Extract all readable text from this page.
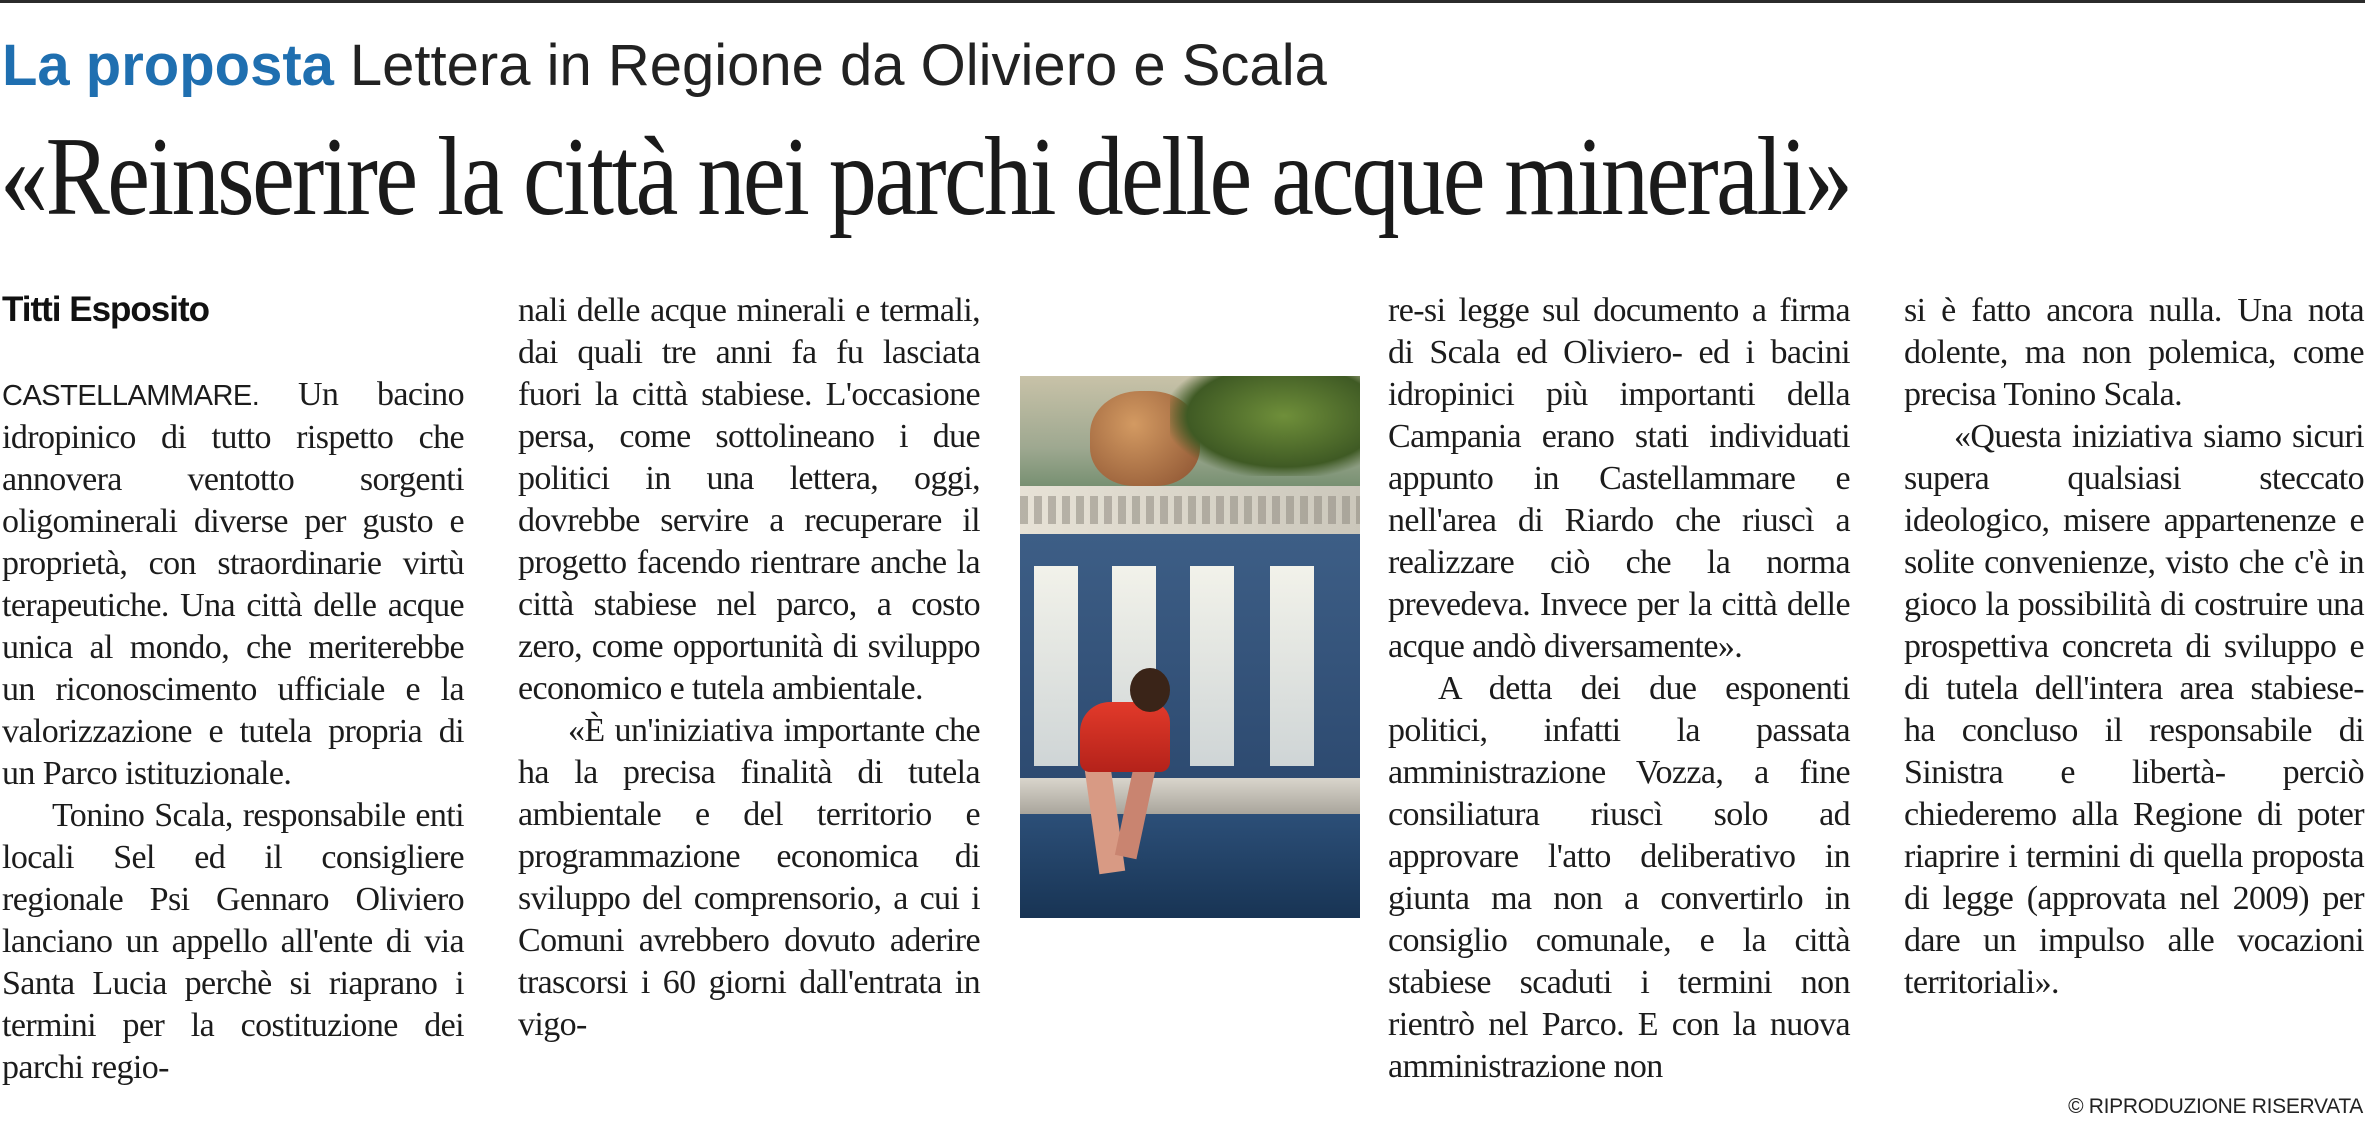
La proposta Lettera in Regione da Oliviero e Scala
«Reinserire la città nei parchi delle acque minerali»
Titti Esposito

CASTELLAMMARE. Un bacino idropinico di tutto rispetto che annovera ventotto sorgenti oligominerali diverse per gusto e proprietà, con straordinarie virtù terapeutiche. Una città delle acque unica al mondo, che meriterebbe un riconoscimento ufficiale e la valorizzazione e tutela propria di un Parco istituzionale.

Tonino Scala, responsabile enti locali Sel ed il consigliere regionale Psi Gennaro Oliviero lanciano un appello all'ente di via Santa Lucia perchè si riaprano i termini per la costituzione dei parchi regio-

nali delle acque minerali e termali, dai quali tre anni fa fu lasciata fuori la città stabiese. L'occasione persa, come sottolineano i due politici in una lettera, oggi, dovrebbe servire a recuperare il progetto facendo rientrare anche la città stabiese nel parco, a costo zero, come opportunità di sviluppo economico e tutela ambientale.

«È un'iniziativa importante che ha la precisa finalità di tutela ambientale e del territorio e programmazione economica di sviluppo del comprensorio, a cui i Comuni avrebbero dovuto aderire trascorsi i 60 giorni dall'entrata in vigo-

re-si legge sul documento a firma di Scala ed Oliviero- ed i bacini idropinici più importanti della Campania erano stati individuati appunto in Castellammare e nell'area di Riardo che riuscì a realizzare ciò che la norma prevedeva. Invece per la città delle acque andò diversamente».

A detta dei due esponenti politici, infatti la passata amministrazione Vozza, a fine consiliatura riuscì solo ad approvare l'atto deliberativo in giunta ma non a convertirlo in consiglio comunale, e la città stabiese scaduti i termini non rientrò nel Parco. E con la nuova amministrazione non

si è fatto ancora nulla. Una nota dolente, ma non polemica, come precisa Tonino Scala.

«Questa iniziativa siamo sicuri supera qualsiasi steccato ideologico, misere appartenenze e solite convenienze, visto che c'è in gioco la possibilità di costruire una prospettiva concreta di sviluppo e di tutela dell'intera area stabiese- ha concluso il responsabile di Sinistra e libertà- perciò chiederemo alla Regione di poter riaprire i termini di quella proposta di legge (approvata nel 2009) per dare un impulso alle vocazioni territoriali».

© RIPRODUZIONE RISERVATA
